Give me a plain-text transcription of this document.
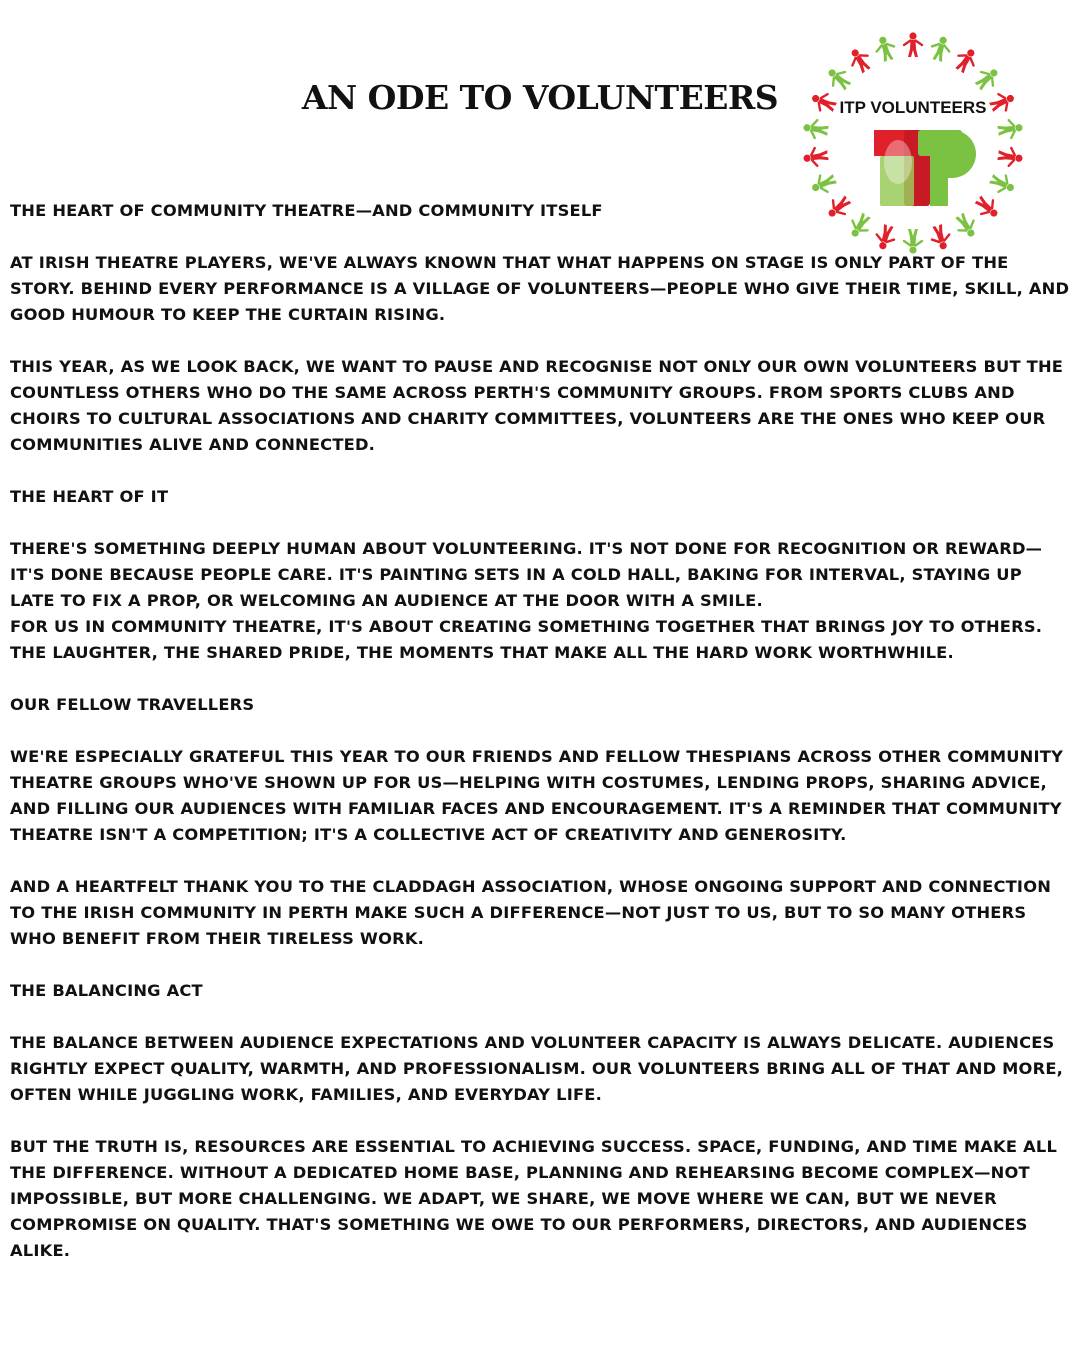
AN ODE TO VOLUNTEERS	ITP VOLUNTEERS

THE HEART OF COMMUNITY THEATRE—AND COMMUNITY ITSELF

AT IRISH THEATRE PLAYERS, WE'VE ALWAYS KNOWN THAT WHAT HAPPENS ON STAGE IS ONLY PART OF THE STORY. BEHIND EVERY PERFORMANCE IS A VILLAGE OF VOLUNTEERS—PEOPLE WHO GIVE THEIR TIME, SKILL, AND GOOD HUMOUR TO KEEP THE CURTAIN RISING.

THIS YEAR, AS WE LOOK BACK, WE WANT TO PAUSE AND RECOGNISE NOT ONLY OUR OWN VOLUNTEERS BUT THE COUNTLESS OTHERS WHO DO THE SAME ACROSS PERTH'S COMMUNITY GROUPS. FROM SPORTS CLUBS AND CHOIRS TO CULTURAL ASSOCIATIONS AND CHARITY COMMITTEES, VOLUNTEERS ARE THE ONES WHO KEEP OUR COMMUNITIES ALIVE AND CONNECTED.

THE HEART OF IT

THERE'S SOMETHING DEEPLY HUMAN ABOUT VOLUNTEERING. IT'S NOT DONE FOR RECOGNITION OR REWARD—IT'S DONE BECAUSE PEOPLE CARE. IT'S PAINTING SETS IN A COLD HALL, BAKING FOR INTERVAL, STAYING UP LATE TO FIX A PROP, OR WELCOMING AN AUDIENCE AT THE DOOR WITH A SMILE.

FOR US IN COMMUNITY THEATRE, IT'S ABOUT CREATING SOMETHING TOGETHER THAT BRINGS JOY TO OTHERS. THE LAUGHTER, THE SHARED PRIDE, THE MOMENTS THAT MAKE ALL THE HARD WORK WORTHWHILE.

OUR FELLOW TRAVELLERS

WE'RE ESPECIALLY GRATEFUL THIS YEAR TO OUR FRIENDS AND FELLOW THESPIANS ACROSS OTHER COMMUNITY THEATRE GROUPS WHO'VE SHOWN UP FOR US—HELPING WITH COSTUMES, LENDING PROPS, SHARING ADVICE, AND FILLING OUR AUDIENCES WITH FAMILIAR FACES AND ENCOURAGEMENT. IT'S A REMINDER THAT COMMUNITY THEATRE ISN'T A COMPETITION; IT'S A COLLECTIVE ACT OF CREATIVITY AND GENEROSITY.

AND A HEARTFELT THANK YOU TO THE CLADDAGH ASSOCIATION, WHOSE ONGOING SUPPORT AND CONNECTION TO THE IRISH COMMUNITY IN PERTH MAKE SUCH A DIFFERENCE—NOT JUST TO US, BUT TO SO MANY OTHERS WHO BENEFIT FROM THEIR TIRELESS WORK.

THE BALANCING ACT

THE BALANCE BETWEEN AUDIENCE EXPECTATIONS AND VOLUNTEER CAPACITY IS ALWAYS DELICATE. AUDIENCES RIGHTLY EXPECT QUALITY, WARMTH, AND PROFESSIONALISM. OUR VOLUNTEERS BRING ALL OF THAT AND MORE, OFTEN WHILE JUGGLING WORK, FAMILIES, AND EVERYDAY LIFE.

BUT THE TRUTH IS, RESOURCES ARE ESSENTIAL TO ACHIEVING SUCCESS. SPACE, FUNDING, AND TIME MAKE ALL THE DIFFERENCE. WITHOUT A DEDICATED HOME BASE, PLANNING AND REHEARSING BECOME COMPLEX—NOT IMPOSSIBLE, BUT MORE CHALLENGING. WE ADAPT, WE SHARE, WE MOVE WHERE WE CAN, BUT WE NEVER COMPROMISE ON QUALITY. THAT'S SOMETHING WE OWE TO OUR PERFORMERS, DIRECTORS, AND AUDIENCES ALIKE.
